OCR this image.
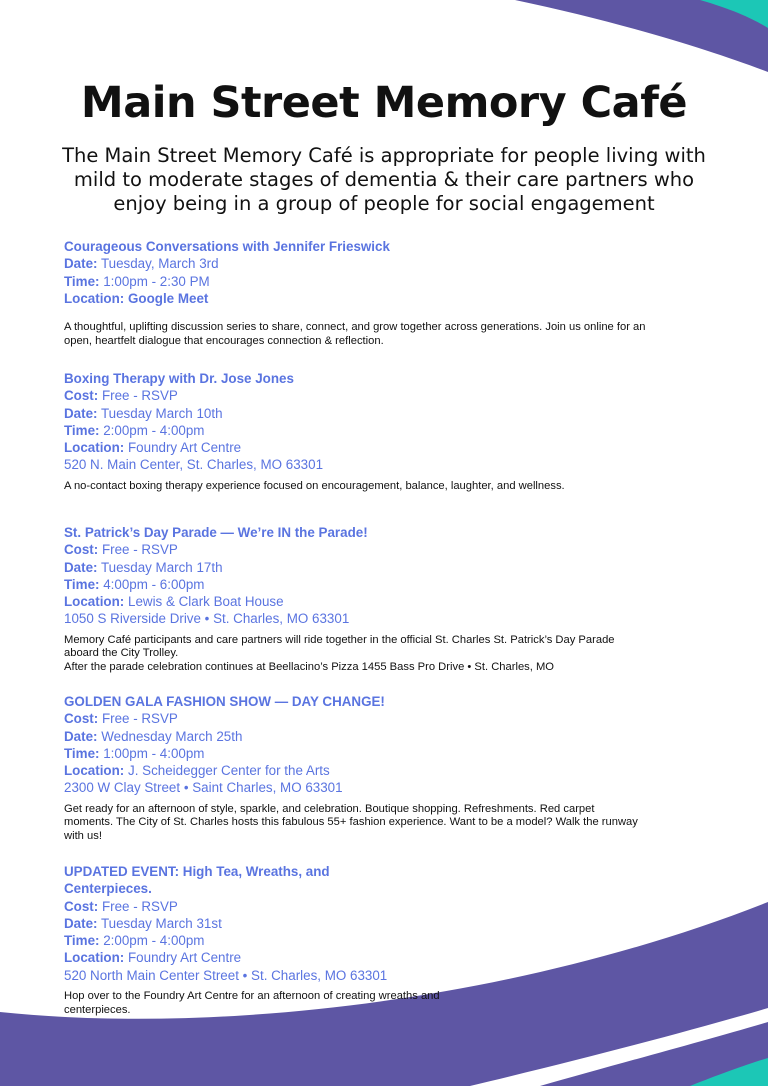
Main Street Memory Café
The Main Street Memory Café is appropriate for people living with mild to moderate stages of dementia & their care partners who enjoy being in a group of people for social engagement
Courageous Conversations with Jennifer Frieswick
Date: Tuesday, March 3rd
Time: 1:00pm - 2:30 PM
Location: Google Meet
A thoughtful, uplifting discussion series to share, connect, and grow together across generations. Join us online for an open, heartfelt dialogue that encourages connection & reflection.
Boxing Therapy with Dr. Jose Jones
Cost: Free - RSVP
Date: Tuesday March 10th
Time: 2:00pm - 4:00pm
Location: Foundry Art Centre
520 N. Main Center, St. Charles, MO 63301
A no-contact boxing therapy experience focused on encouragement, balance, laughter, and wellness.
St. Patrick’s Day Parade — We’re IN the Parade!
Cost: Free - RSVP
Date: Tuesday March 17th
Time: 4:00pm - 6:00pm
Location: Lewis & Clark Boat House
1050 S Riverside Drive • St. Charles, MO 63301
Memory Café participants and care partners will ride together in the official St. Charles St. Patrick’s Day Parade aboard the City Trolley.
After the parade celebration continues at Beellacino’s Pizza 1455 Bass Pro Drive • St. Charles, MO
GOLDEN GALA FASHION SHOW — DAY CHANGE!
Cost: Free - RSVP
Date: Wednesday March 25th
Time: 1:00pm - 4:00pm
Location: J. Scheidegger Center for the Arts
2300 W Clay Street • Saint Charles, MO 63301
Get ready for an afternoon of style, sparkle, and celebration. Boutique shopping. Refreshments. Red carpet moments. The City of St. Charles hosts this fabulous 55+ fashion experience. Want to be a model? Walk the runway with us!
UPDATED EVENT: High Tea, Wreaths, and
Centerpieces.
Cost: Free - RSVP
Date: Tuesday March 31st
Time: 2:00pm - 4:00pm
Location: Foundry Art Centre
520 North Main Center Street • St. Charles, MO 63301
Hop over to the Foundry Art Centre for an afternoon of creating wreaths and centerpieces.
